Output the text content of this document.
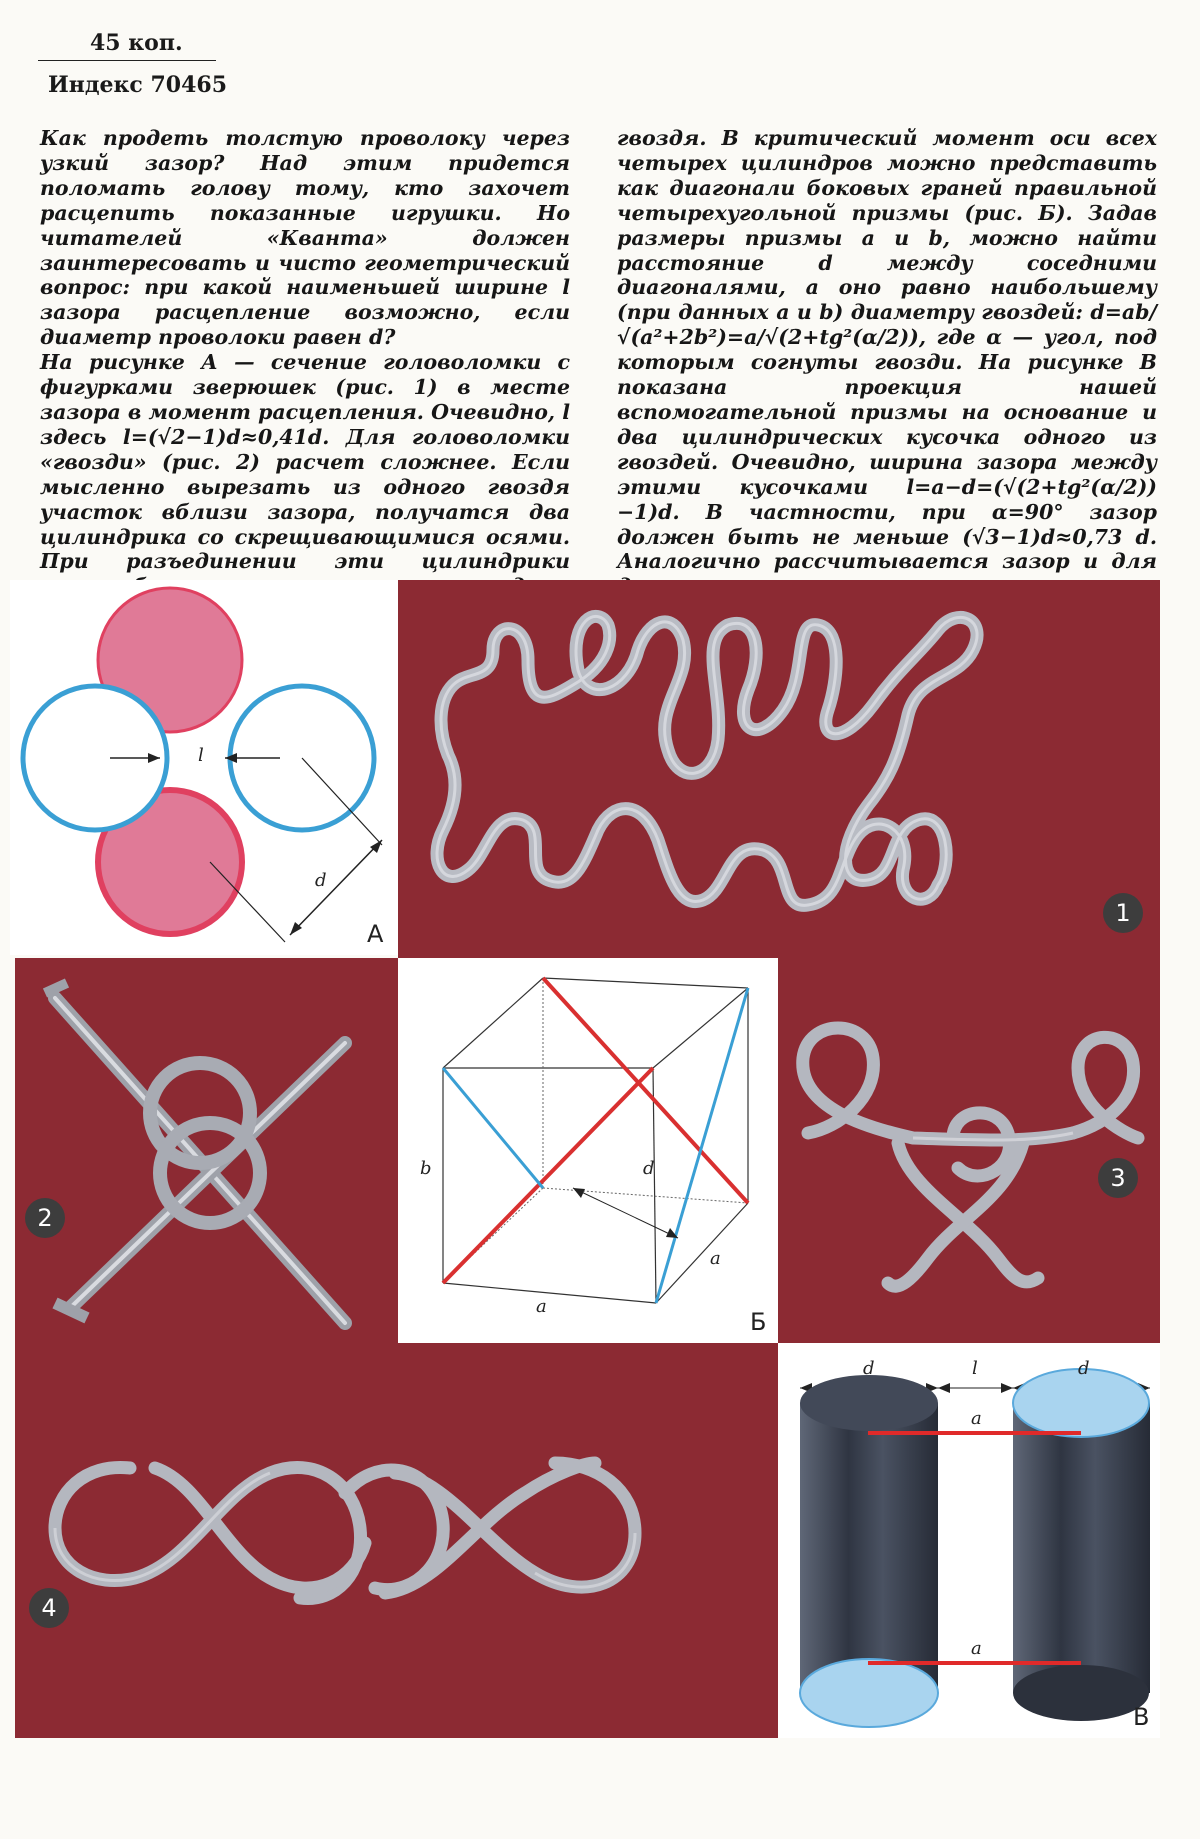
45 коп.
Индекс 70465

Как продеть толстую проволоку через узкий зазор? Над этим придется поломать голову тому, кто захочет расцепить показанные игрушки. Но читателей «Кванта» должен заинтересовать и чисто геометрический вопрос: при какой наименьшей ширине l зазора расцепление возможно, если диаметр проволоки равен d?
На рисунке А — сечение головоломки с фигурками зверюшек (рис. 1) в месте зазора в момент расцепления. Очевидно, l здесь l=(√2−1)d≈0,41d. Для головоломки «гвозди» (рис. 2) расчет сложнее. Если мысленно вырезать из одного гвоздя участок вблизи зазора, получатся два цилиндрика со скрещивающимися осями. При разъединении эти цилиндрики

гвоздя. В критический момент оси всех четырех цилиндров можно представить как диагонали боковых граней правильной четырехугольной призмы (рис. Б). Задав размеры призмы a и b, можно найти расстояние d между соседними диагоналями, а оно равно наибольшему (при данных a и b) диаметру гвоздей: d=ab/√(a²+2b²)=a/√(2+tg²(α/2)), где α — угол, под которым согнуты гвозди. На рисунке В показана проекция нашей вспомогательной призмы на основание и два цилиндрических кусочка одного из гвоздей. Очевидно, ширина зазора между этими кусочками l=a−d=(√(2+tg²(α/2))−1)d. В частности, при α=90° зазор должен быть не меньше (√3−1)d≈0,73 d. Аналогично рассчитывается зазор и для

l
d
А
1
2
b	d
a
a
Б
3
4
d	l	d
a
a
В
